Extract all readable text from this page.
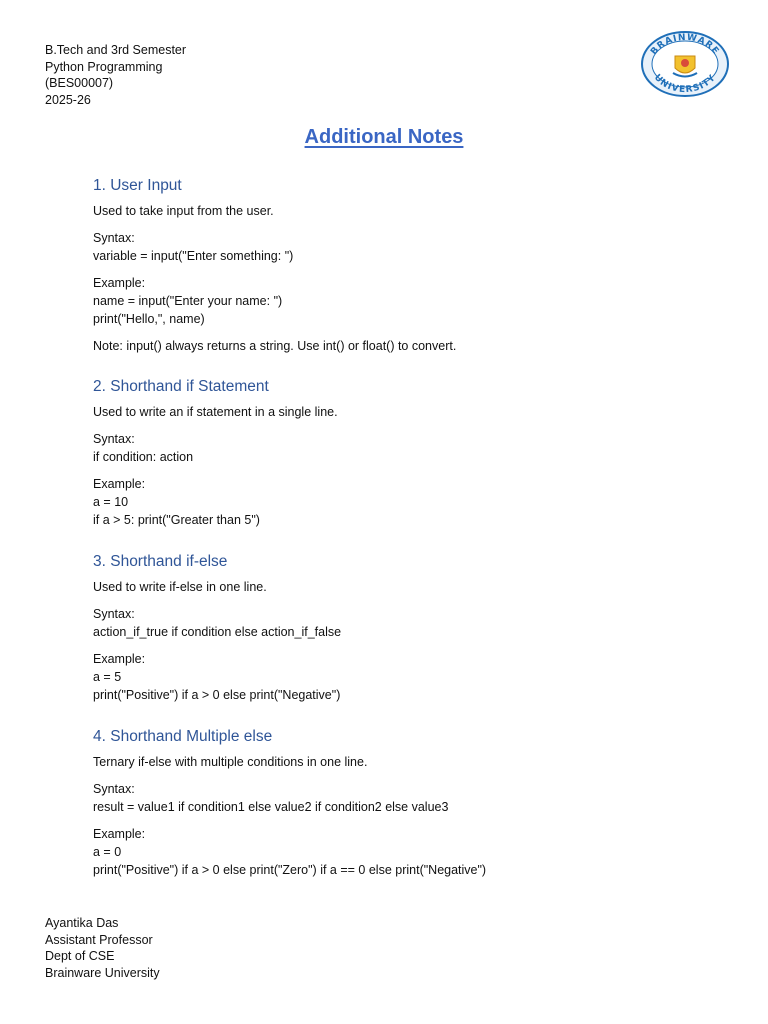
B.Tech and 3rd Semester
Python Programming
(BES00007)
2025-26
BRAINWARE
UNIVERSITY
Additional Notes
1. User Input
Used to take input from the user.
Syntax:
variable = input("Enter something: ")
Example:
name = input("Enter your name: ")
print("Hello,", name)
Note: input() always returns a string. Use int() or float() to convert.
2. Shorthand if Statement
Used to write an if statement in a single line.
Syntax:
if condition: action
Example:
a = 10
if a > 5: print("Greater than 5")
3. Shorthand if-else
Used to write if-else in one line.
Syntax:
action_if_true if condition else action_if_false
Example:
a = 5
print("Positive") if a > 0 else print("Negative")
4. Shorthand Multiple else
Ternary if-else with multiple conditions in one line.
Syntax:
result = value1 if condition1 else value2 if condition2 else value3
Example:
a = 0
print("Positive") if a > 0 else print("Zero") if a == 0 else print("Negative")
Ayantika Das
Assistant Professor
Dept of CSE
Brainware University
